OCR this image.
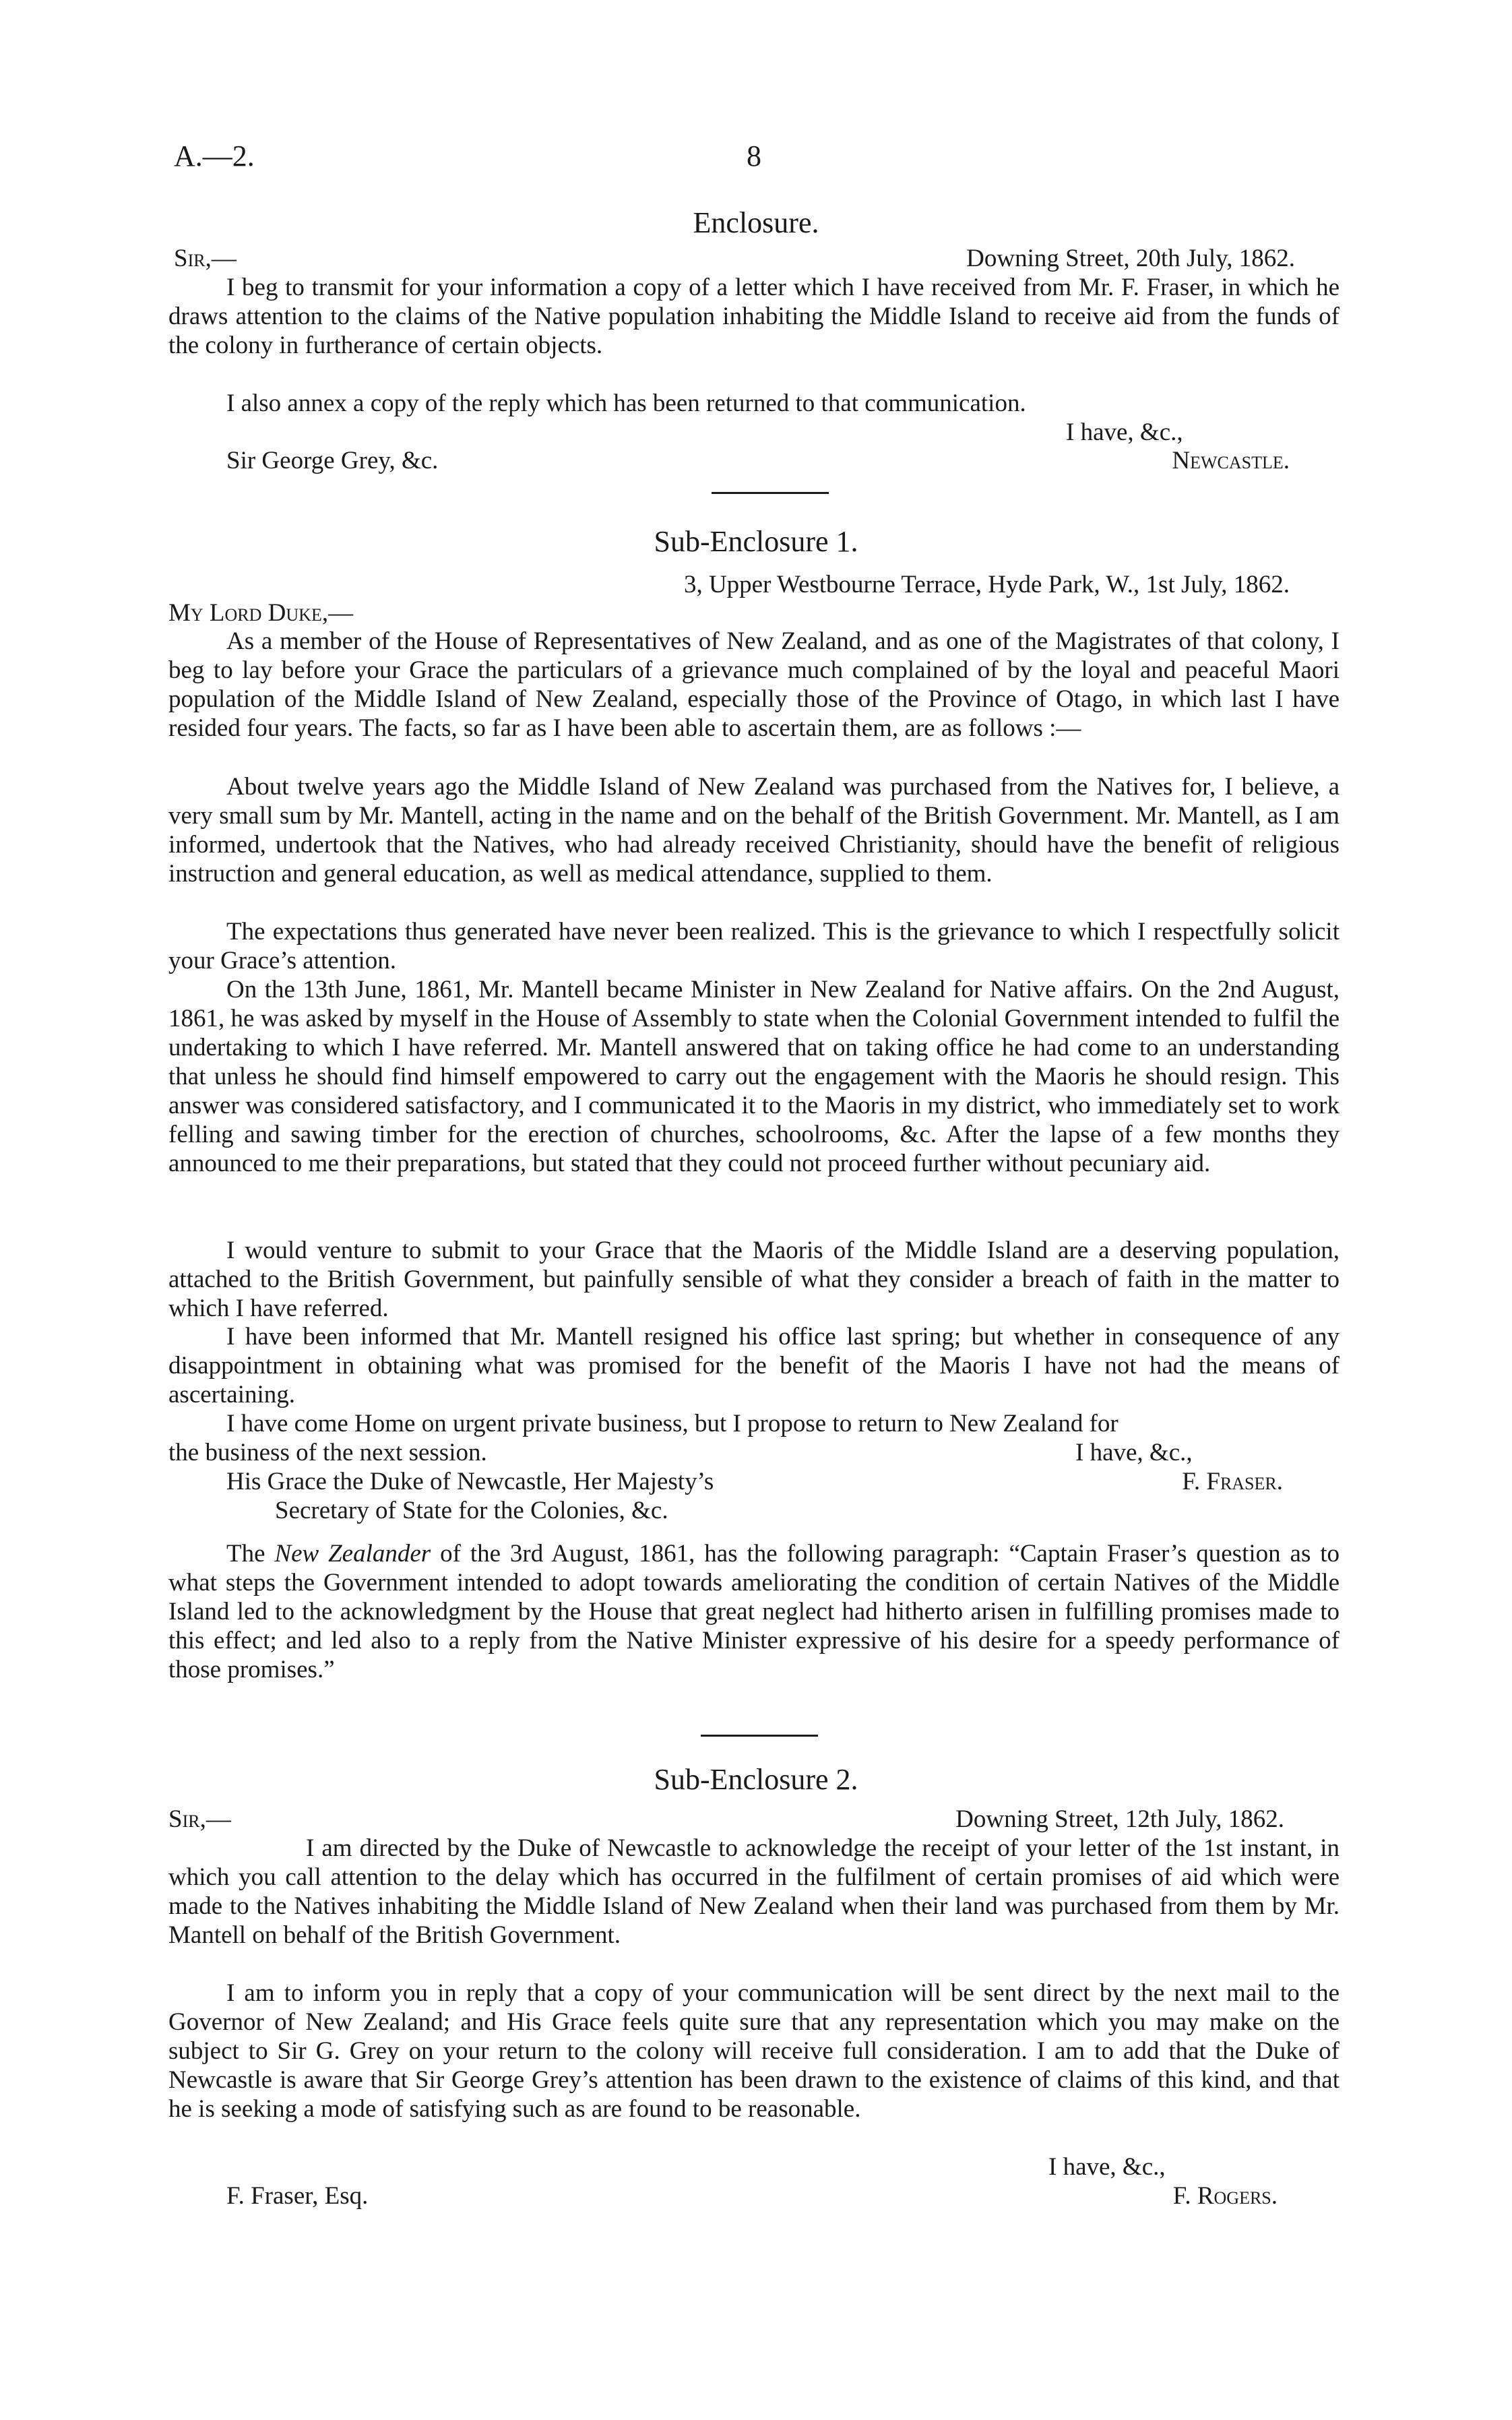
A.—2.	8
Enclosure.
Sir,—	Downing Street, 20th July, 1862.

I beg to transmit for your information a copy of a letter which I have received from Mr. F. Fraser, in which he draws attention to the claims of the Native population inhabiting the Middle Island to receive aid from the funds of the colony in furtherance of certain objects.

I also annex a copy of the reply which has been returned to that communication.

I have, &c.,
Sir George Grey, &c.	Newcastle.
Sub-Enclosure 1.
3, Upper Westbourne Terrace, Hyde Park, W., 1st July, 1862.
My Lord Duke,—

As a member of the House of Representatives of New Zealand, and as one of the Magistrates of that colony, I beg to lay before your Grace the particulars of a grievance much complained of by the loyal and peaceful Maori population of the Middle Island of New Zealand, especially those of the Province of Otago, in which last I have resided four years. The facts, so far as I have been able to ascertain them, are as follows :—

About twelve years ago the Middle Island of New Zealand was purchased from the Natives for, I believe, a very small sum by Mr. Mantell, acting in the name and on the behalf of the British Government. Mr. Mantell, as I am informed, undertook that the Natives, who had already received Christianity, should have the benefit of religious instruction and general education, as well as medical attendance, supplied to them.

The expectations thus generated have never been realized. This is the grievance to which I respectfully solicit your Grace’s attention.

On the 13th June, 1861, Mr. Mantell became Minister in New Zealand for Native affairs. On the 2nd August, 1861, he was asked by myself in the House of Assembly to state when the Colonial Government intended to fulfil the undertaking to which I have referred. Mr. Mantell answered that on taking office he had come to an understanding that unless he should find himself empowered to carry out the engagement with the Maoris he should resign. This answer was considered satisfactory, and I communicated it to the Maoris in my district, who immediately set to work felling and sawing timber for the erection of churches, schoolrooms, &c. After the lapse of a few months they announced to me their preparations, but stated that they could not proceed further without pecuniary aid.

I would venture to submit to your Grace that the Maoris of the Middle Island are a deserving population, attached to the British Government, but painfully sensible of what they consider a breach of faith in the matter to which I have referred.

I have been informed that Mr. Mantell resigned his office last spring; but whether in consequence of any disappointment in obtaining what was promised for the benefit of the Maoris I have not had the means of ascertaining.

I have come Home on urgent private business, but I propose to return to New Zealand for
the business of the next session.	I have, &c.,
His Grace the Duke of Newcastle, Her Majesty’s	F. Fraser.
Secretary of State for the Colonies, &c.

The New Zealander of the 3rd August, 1861, has the following paragraph: “Captain Fraser’s question as to what steps the Government intended to adopt towards ameliorating the condition of certain Natives of the Middle Island led to the acknowledgment by the House that great neglect had hitherto arisen in fulfilling promises made to this effect; and led also to a reply from the Native Minister expressive of his desire for a speedy performance of those promises.”

Sub-Enclosure 2.
Sir,—	Downing Street, 12th July, 1862.

I am directed by the Duke of Newcastle to acknowledge the receipt of your letter of the 1st instant, in which you call attention to the delay which has occurred in the fulfilment of certain promises of aid which were made to the Natives inhabiting the Middle Island of New Zealand when their land was purchased from them by Mr. Mantell on behalf of the British Government.

I am to inform you in reply that a copy of your communication will be sent direct by the next mail to the Governor of New Zealand; and His Grace feels quite sure that any representation which you may make on the subject to Sir G. Grey on your return to the colony will receive full consideration. I am to add that the Duke of Newcastle is aware that Sir George Grey’s attention has been drawn to the existence of claims of this kind, and that he is seeking a mode of satisfying such as are found to be reasonable.

I have, &c.,
F. Fraser, Esq.	F. Rogers.
